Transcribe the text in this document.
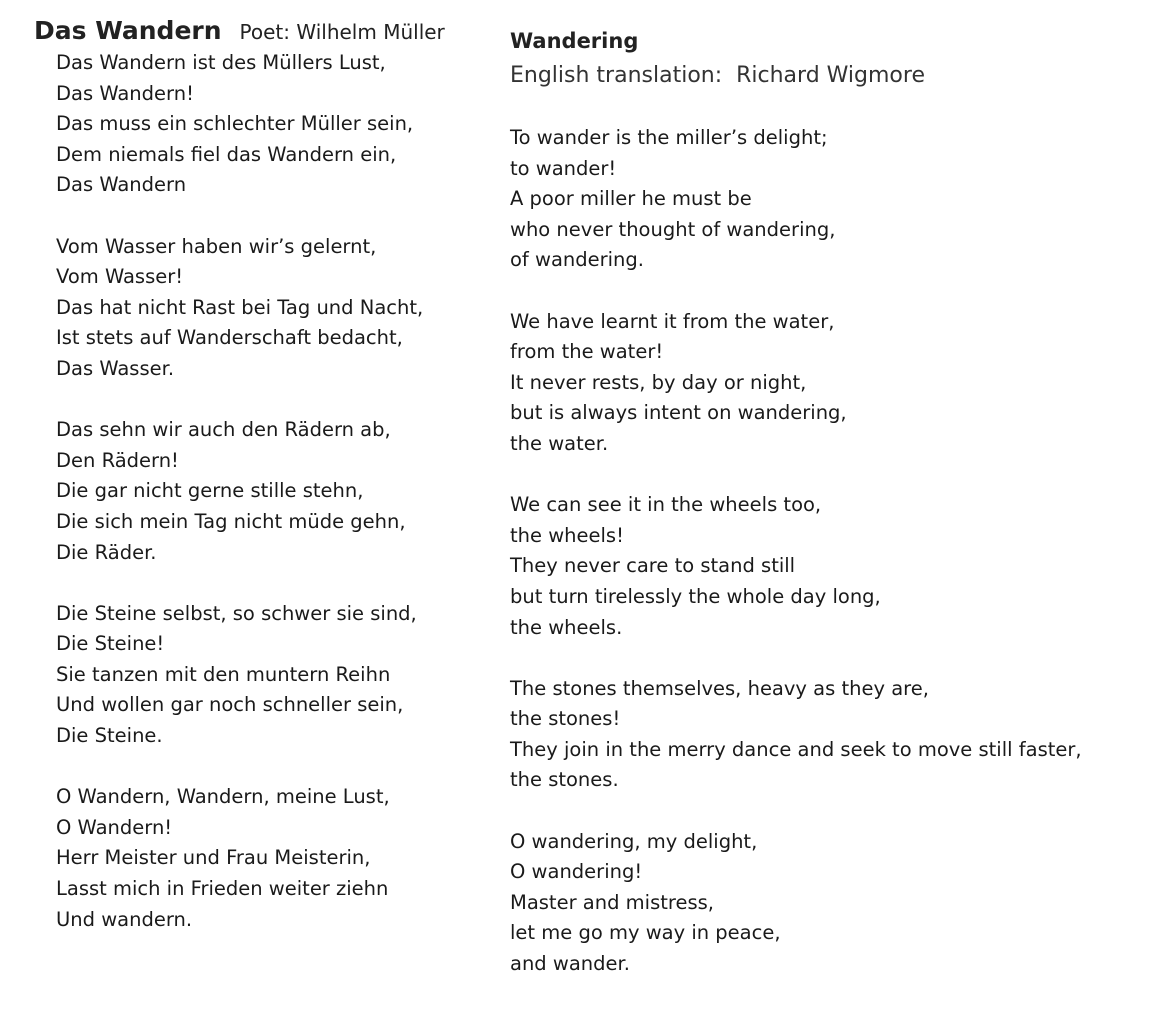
Das Wandern Poet: Wilhelm Müller
Das Wandern ist des Müllers Lust,
Das Wandern!
Das muss ein schlechter Müller sein,
Dem niemals fiel das Wandern ein,
Das Wandern
Vom Wasser haben wir’s gelernt,
Vom Wasser!
Das hat nicht Rast bei Tag und Nacht,
Ist stets auf Wanderschaft bedacht,
Das Wasser.
Das sehn wir auch den Rädern ab,
Den Rädern!
Die gar nicht gerne stille stehn,
Die sich mein Tag nicht müde gehn,
Die Räder.
Die Steine selbst, so schwer sie sind,
Die Steine!
Sie tanzen mit den muntern Reihn
Und wollen gar noch schneller sein,
Die Steine.
O Wandern, Wandern, meine Lust,
O Wandern!
Herr Meister und Frau Meisterin,
Lasst mich in Frieden weiter ziehn
Und wandern.
Wandering
English translation:  Richard Wigmore
To wander is the miller’s delight;
to wander!
A poor miller he must be
who never thought of wandering,
of wandering.
We have learnt it from the water,
from the water!
It never rests, by day or night,
but is always intent on wandering,
the water.
We can see it in the wheels too,
the wheels!
They never care to stand still
but turn tirelessly the whole day long,
the wheels.
The stones themselves, heavy as they are,
the stones!
They join in the merry dance and seek to move still faster,
the stones.
O wandering, my delight,
O wandering!
Master and mistress,
let me go my way in peace,
and wander.
